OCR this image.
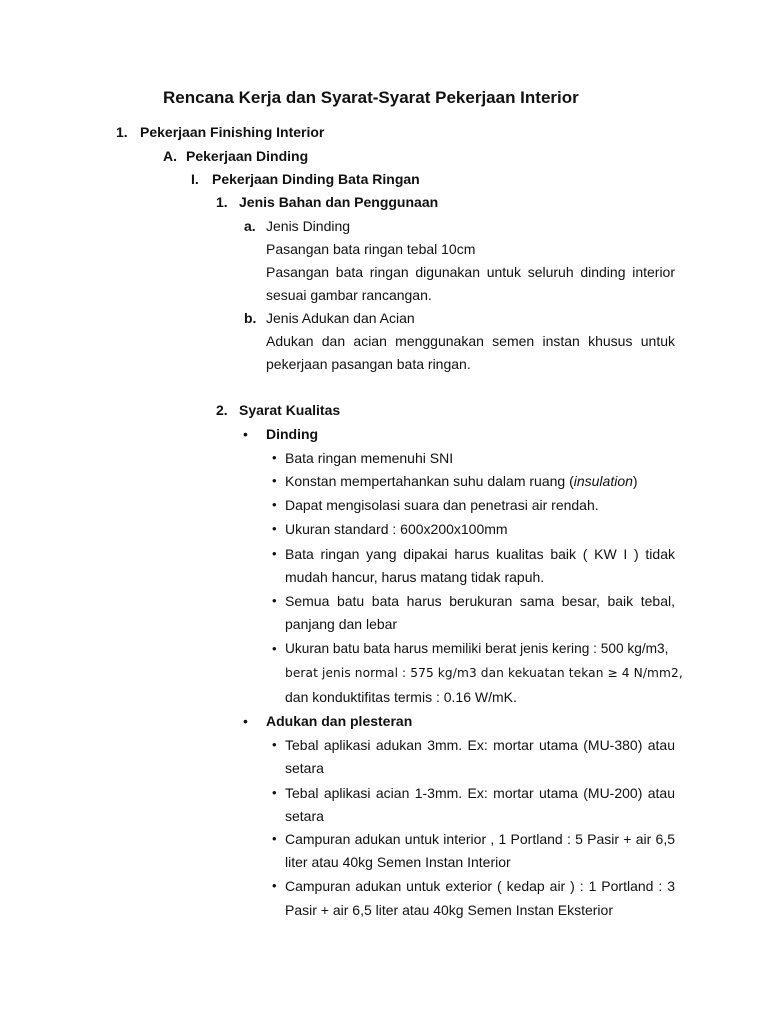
Rencana Kerja dan Syarat-Syarat Pekerjaan Interior
1. Pekerjaan Finishing Interior
A. Pekerjaan Dinding
I. Pekerjaan Dinding Bata Ringan
1. Jenis Bahan dan Penggunaan
a. Jenis Dinding
Pasangan bata ringan tebal 10cm
Pasangan bata ringan digunakan untuk seluruh dinding interior
sesuai gambar rancangan.
b. Jenis Adukan dan Acian
Adukan dan acian menggunakan semen instan khusus untuk
pekerjaan pasangan bata ringan.
2. Syarat Kualitas
• Dinding
• Bata ringan memenuhi SNI
• Konstan mempertahankan suhu dalam ruang (insulation)
• Dapat mengisolasi suara dan penetrasi air rendah.
• Ukuran standard : 600x200x100mm
• Bata ringan yang dipakai harus kualitas baik ( KW I ) tidak
mudah hancur, harus matang tidak rapuh.
• Semua batu bata harus berukuran sama besar, baik tebal,
panjang dan lebar
• Ukuran batu bata harus memiliki berat jenis kering : 500 kg/m3,
berat jenis normal : 575 kg/m3 dan kekuatan tekan ≥ 4 N/mm2,
dan konduktifitas termis : 0.16 W/mK.
• Adukan dan plesteran
• Tebal aplikasi adukan 3mm. Ex: mortar utama (MU-380) atau
setara
• Tebal aplikasi acian 1-3mm. Ex: mortar utama (MU-200) atau
setara
• Campuran adukan untuk interior , 1 Portland : 5 Pasir + air 6,5
liter atau 40kg Semen Instan Interior
• Campuran adukan untuk exterior ( kedap air ) : 1 Portland : 3
Pasir + air 6,5 liter atau 40kg Semen Instan Eksterior
